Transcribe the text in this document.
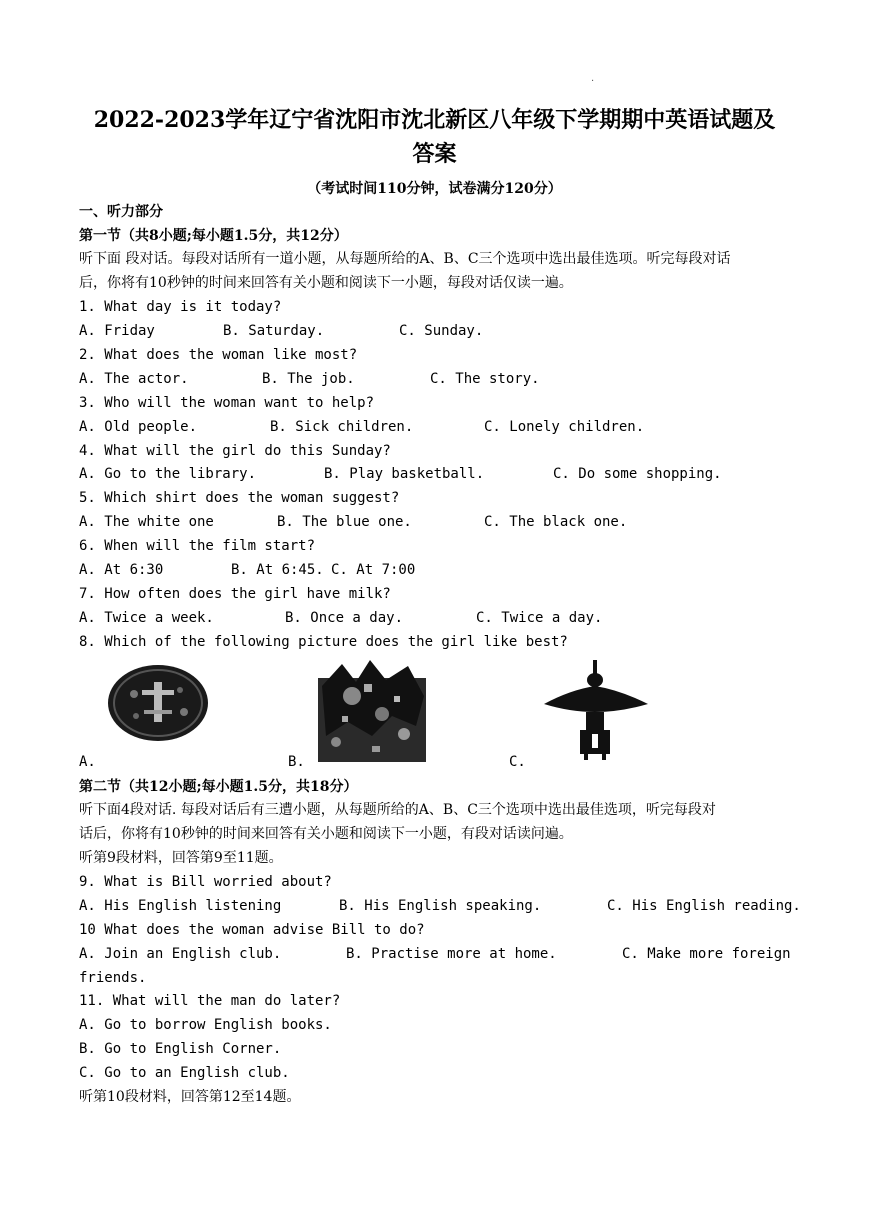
.
2022-2023学年辽宁省沈阳市沈北新区八年级下学期期中英语试题及
答案
（考试时间110分钟，试卷满分120分）
一、听力部分
第一节（共8小题;每小题1.5分，共12分）
听下面 段对话。每段对话所有一道小题，从每题所给的A、B、C三个选项中选出最佳选项。听完每段对话
后，你将有10秒钟的时间来回答有关小题和阅读下一小题，每段对话仅读一遍。
1. What day is it today?
A. Friday	B. Saturday.	C. Sunday.
2. What does the woman like most?
A. The actor.	B. The job.	C. The story.
3. Who will the woman want to help?
A. Old people.	B. Sick children.	C. Lonely children.
4. What will the girl do this Sunday?
A. Go to the library.	B. Play basketball.	C. Do some shopping.
5. Which shirt does the woman suggest?
A. The white one	B. The blue one.	C. The black one.
6. When will the film start?
A. At 6:30	B. At 6:45. C. At 7:00
7. How often does the girl have milk?
A. Twice a week.	B. Once a day.	C. Twice a day.
8. Which of the following picture does the girl like best?
A.	B.	C.
第二节（共12小题;每小题1.5分，共18分）
听下面4段对话. 每段对话后有三遭小题，从每题所给的A、B、C三个选项中选出最佳选项，听完每段对
话后，你将有10秒钟的时间来回答有关小题和阅读下一小题，有段对话读问遍。
听第9段材料，回答第9至11题。
9. What is Bill worried about?
A. His English listening	B. His English speaking.	C. His English reading.
10 What does the woman advise Bill to do?
A. Join an English club.	B. Practise more at home.	C. Make more foreign
friends.
11. What will the man do later?
A. Go to borrow English books.
B. Go to English Corner.
C. Go to an English club.
听第10段材料，回答第12至14题。
